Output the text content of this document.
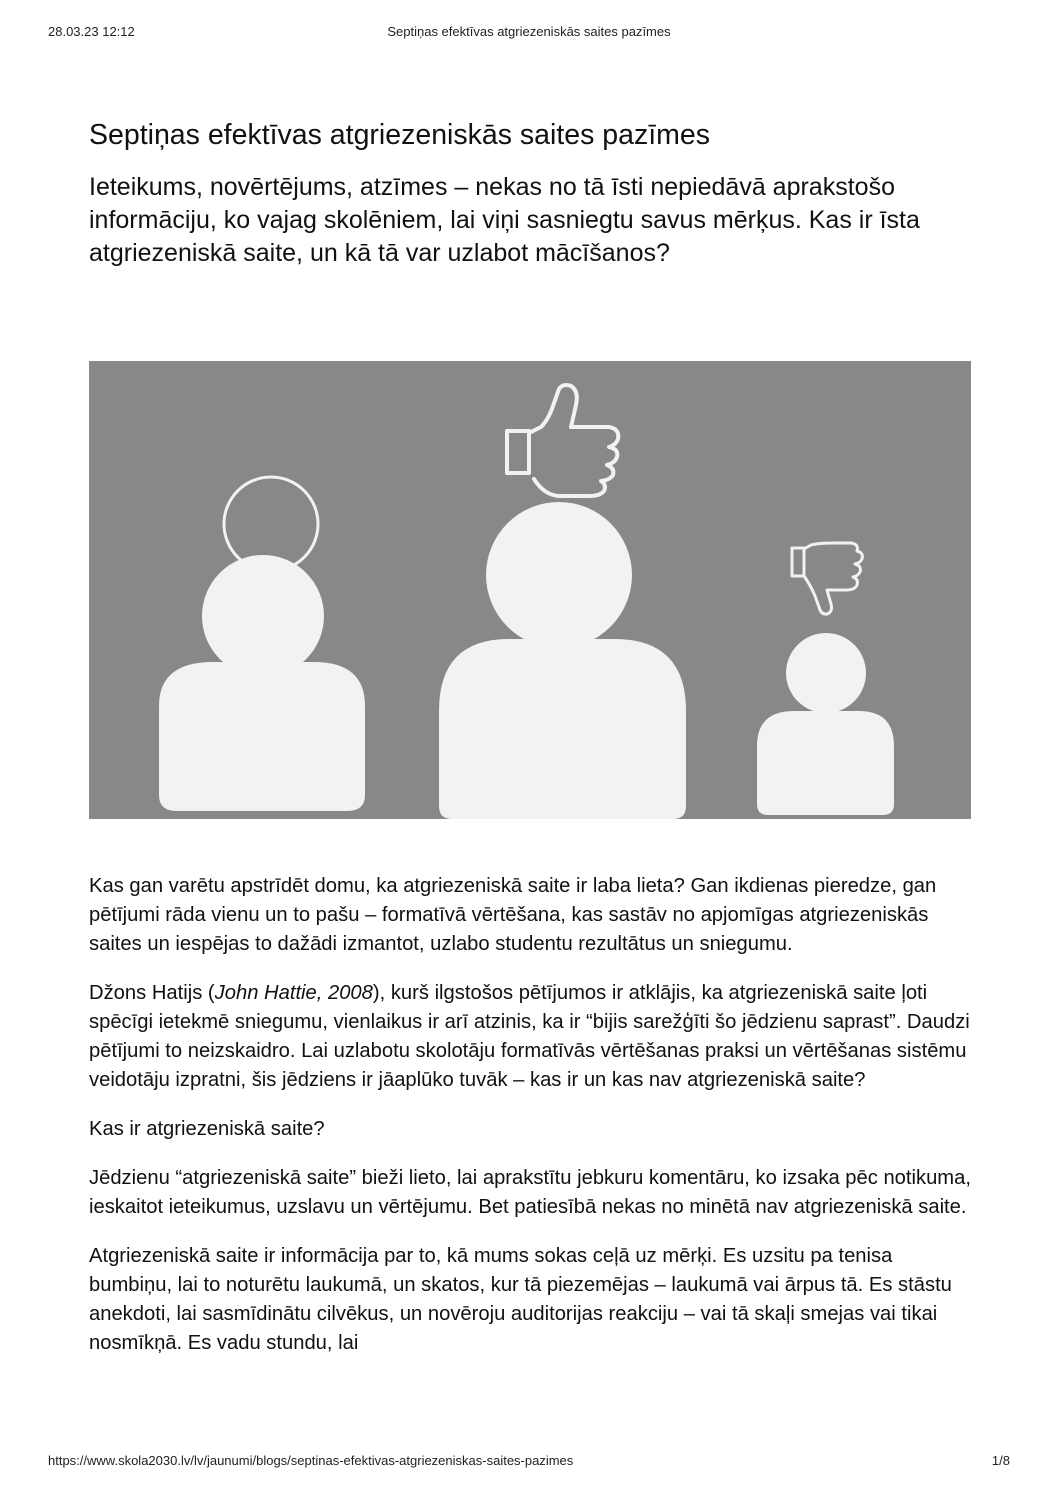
28.03.23 12:12	Septiņas efektīvas atgriezeniskās saites pazīmes
Septiņas efektīvas atgriezeniskās saites pazīmes

Ieteikums, novērtējums, atzīmes – nekas no tā īsti nepiedāvā aprakstošo informāciju, ko vajag skolēniem, lai viņi sasniegtu savus mērķus. Kas ir īsta atgriezeniskā saite, un kā tā var uzlabot mācīšanos?

Kas gan varētu apstrīdēt domu, ka atgriezeniskā saite ir laba lieta? Gan ikdienas pieredze, gan pētījumi rāda vienu un to pašu – formatīvā vērtēšana, kas sastāv no apjomīgas atgriezeniskās saites un iespējas to dažādi izmantot, uzlabo studentu rezultātus un sniegumu.

Džons Hatijs (John Hattie, 2008), kurš ilgstošos pētījumos ir atklājis, ka atgriezeniskā saite ļoti spēcīgi ietekmē sniegumu, vienlaikus ir arī atzinis, ka ir “bijis sarežģīti šo jēdzienu saprast”. Daudzi pētījumi to neizskaidro. Lai uzlabotu skolotāju formatīvās vērtēšanas praksi un vērtēšanas sistēmu veidotāju izpratni, šis jēdziens ir jāaplūko tuvāk – kas ir un kas nav atgriezeniskā saite?

Kas ir atgriezeniskā saite?

Jēdzienu “atgriezeniskā saite” bieži lieto, lai aprakstītu jebkuru komentāru, ko izsaka pēc notikuma, ieskaitot ieteikumus, uzslavu un vērtējumu. Bet patiesībā nekas no minētā nav atgriezeniskā saite.

Atgriezeniskā saite ir informācija par to, kā mums sokas ceļā uz mērķi. Es uzsitu pa tenisa bumbiņu, lai to noturētu laukumā, un skatos, kur tā piezemējas – laukumā vai ārpus tā. Es stāstu anekdoti, lai sasmīdinātu cilvēkus, un novēroju auditorijas reakciju – vai tā skaļi smejas vai tikai nosmīkņā. Es vadu stundu, lai

https://www.skola2030.lv/lv/jaunumi/blogs/septinas-efektivas-atgriezeniskas-saites-pazimes	1/8
